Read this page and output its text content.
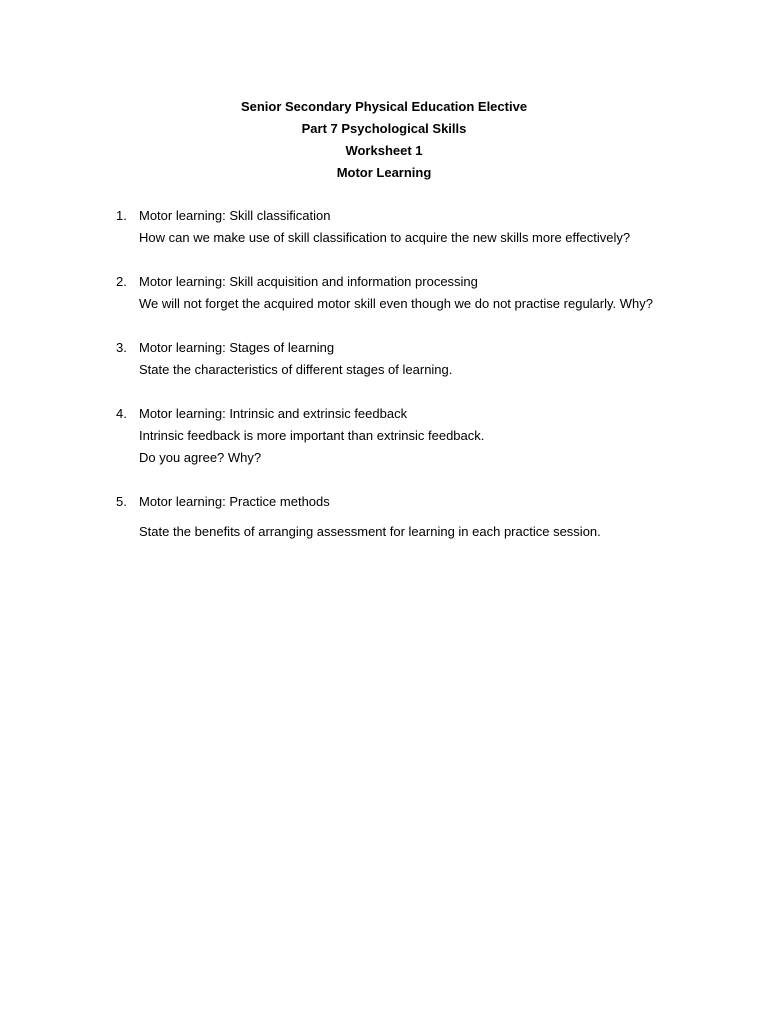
Senior Secondary Physical Education Elective
Part 7 Psychological Skills
Worksheet 1
Motor Learning
1. Motor learning: Skill classification
How can we make use of skill classification to acquire the new skills more effectively?
2. Motor learning: Skill acquisition and information processing
We will not forget the acquired motor skill even though we do not practise regularly. Why?
3. Motor learning: Stages of learning
State the characteristics of different stages of learning.
4. Motor learning: Intrinsic and extrinsic feedback
Intrinsic feedback is more important than extrinsic feedback.
Do you agree? Why?
5. Motor learning: Practice methods
State the benefits of arranging assessment for learning in each practice session.
